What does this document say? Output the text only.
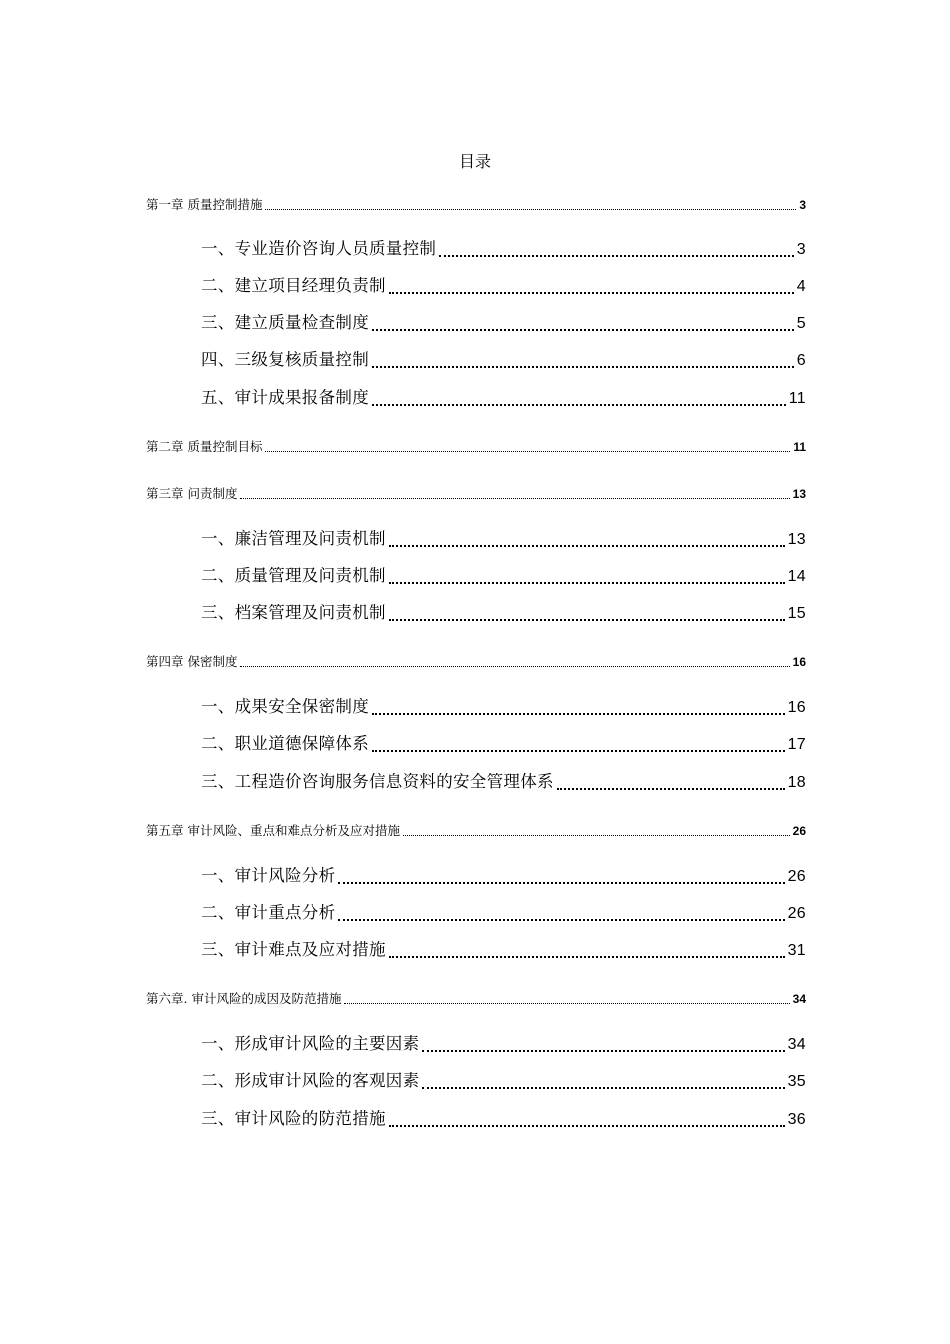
目录
第一章 质量控制措施	3
一、专业造价咨询人员质量控制	3
二、建立项目经理负责制	4
三、建立质量检查制度	5
四、三级复核质量控制	6
五、审计成果报备制度	11
第二章 质量控制目标	11
第三章 问责制度	13
一、廉洁管理及问责机制	13
二、质量管理及问责机制	14
三、档案管理及问责机制	15
第四章 保密制度	16
一、成果安全保密制度	16
二、职业道德保障体系	17
三、工程造价咨询服务信息资料的安全管理体系	18
第五章 审计风险、重点和难点分析及应对措施	26
一、审计风险分析	26
二、审计重点分析	26
三、审计难点及应对措施	31
第六章. 审计风险的成因及防范措施	34
一、形成审计风险的主要因素	34
二、形成审计风险的客观因素	35
三、审计风险的防范措施	36
